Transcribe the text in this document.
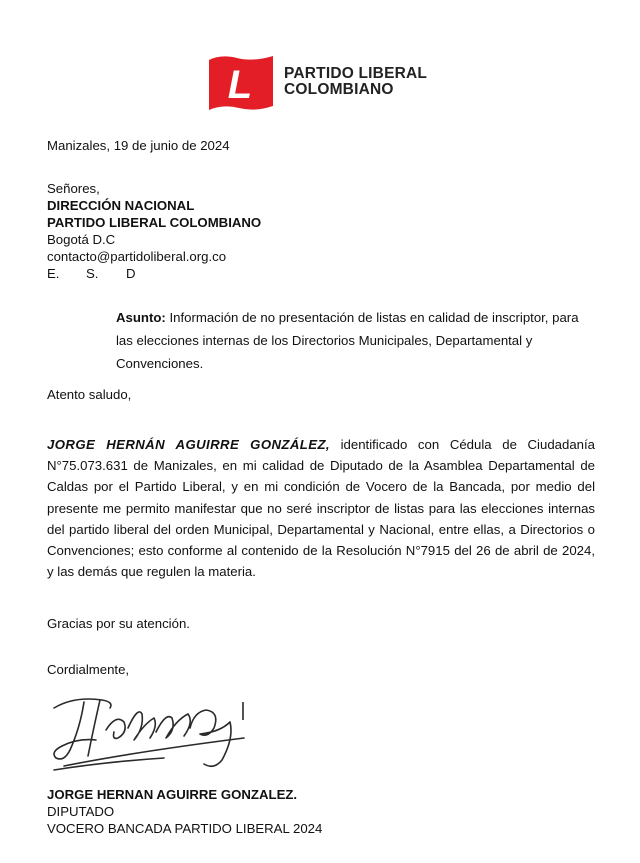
L PARTIDO LIBERAL
COLOMBIANO
Manizales, 19 de junio de 2024
Señores,
DIRECCIÓN NACIONAL
PARTIDO LIBERAL COLOMBIANO
Bogotá D.C
contacto@partidoliberal.org.co
E. S. D
Asunto: Información de no presentación de listas en calidad de inscriptor, para las elecciones internas de los Directorios Municipales, Departamental y Convenciones.
Atento saludo,
JORGE HERNÁN AGUIRRE GONZÁLEZ, identificado con Cédula de Ciudadanía N°75.073.631 de Manizales, en mi calidad de Diputado de la Asamblea Departamental de Caldas por el Partido Liberal, y en mi condición de Vocero de la Bancada, por medio del presente me permito manifestar que no seré inscriptor de listas para las elecciones internas del partido liberal del orden Municipal, Departamental y Nacional, entre ellas, a Directorios o Convenciones; esto conforme al contenido de la Resolución N°7915 del 26 de abril de 2024, y las demás que regulen la materia.
Gracias por su atención.
Cordialmente,
JORGE HERNAN AGUIRRE GONZALEZ.
DIPUTADO
VOCERO BANCADA PARTIDO LIBERAL 2024
